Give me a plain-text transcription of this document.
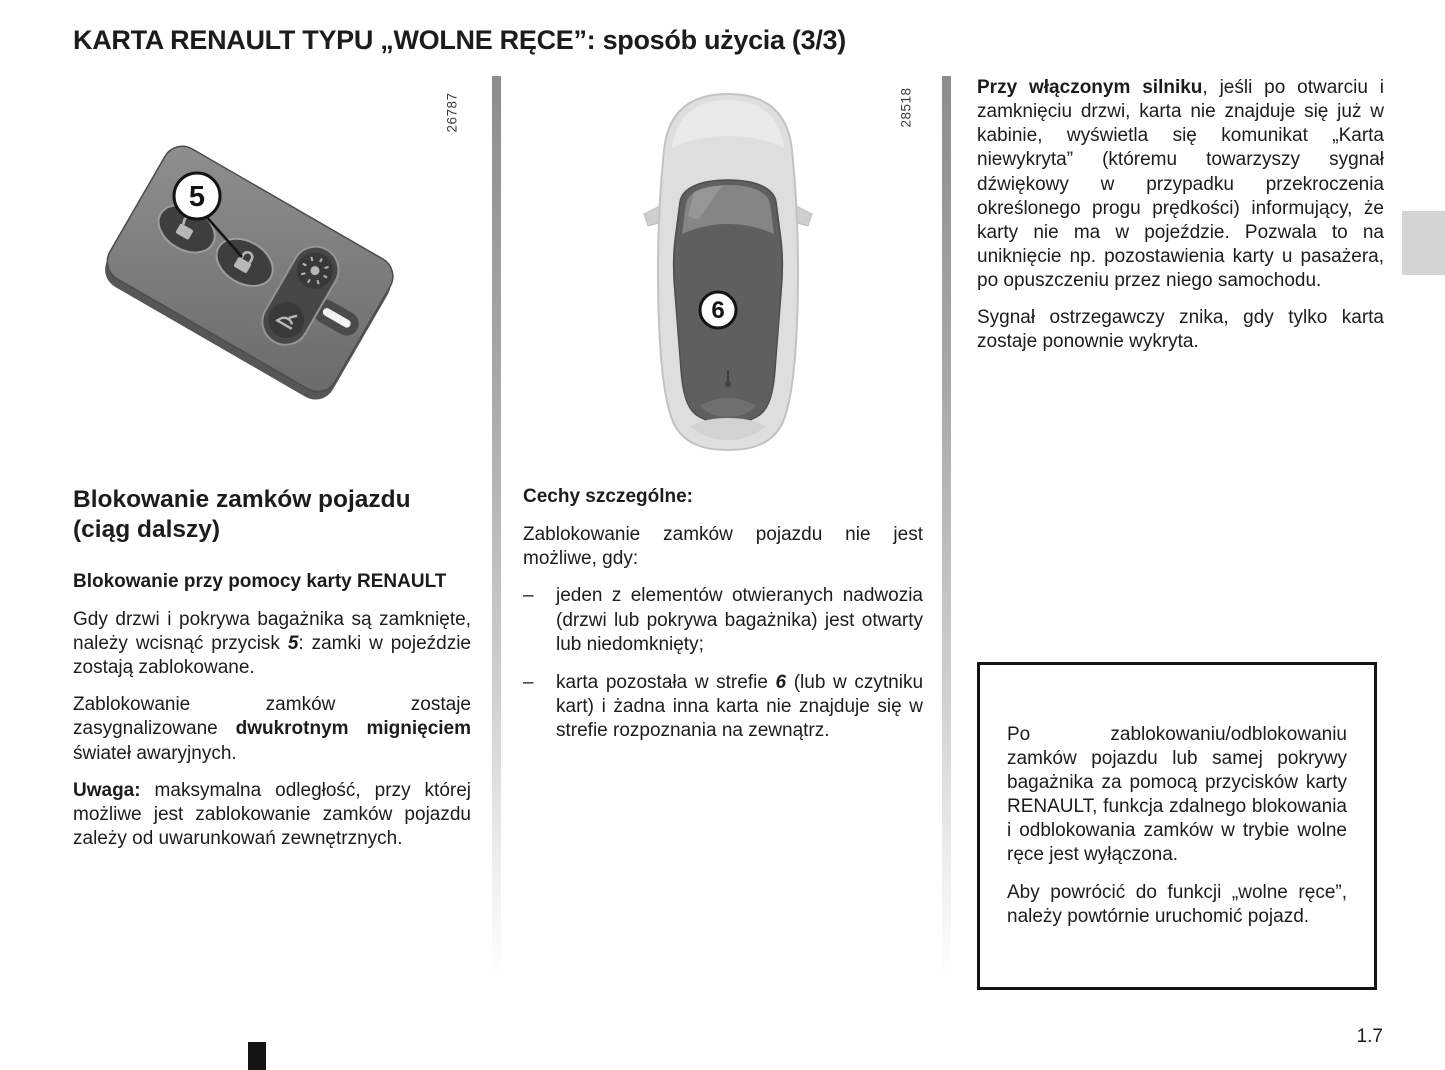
KARTA RENAULT TYPU „WOLNE RĘCE”: sposób użycia (3/3)
5
26787
6
28518
Blokowanie zamków pojazdu (ciąg dalszy)
Blokowanie przy pomocy karty RENAULT

Gdy drzwi i pokrywa bagażnika są zamknięte, należy wcisnąć przycisk 5: zamki w pojeździe zostają zablokowane.

Zablokowanie zamków zostaje zasygnalizowane dwukrotnym mignięciem świateł awaryjnych.

Uwaga: maksymalna odległość, przy której możliwe jest zablokowanie zamków pojazdu zależy od uwarunkowań zewnętrznych.

Cechy szczególne:

Zablokowanie zamków pojazdu nie jest możliwe, gdy:

–	jeden z elementów otwieranych nadwozia (drzwi lub pokrywa bagażnika) jest otwarty lub niedomknięty;
–	karta pozostała w strefie 6 (lub w czytniku kart) i żadna inna karta nie znajduje się w strefie rozpoznania na zewnątrz.

Przy włączonym silniku, jeśli po otwarciu i zamknięciu drzwi, karta nie znajduje się już w kabinie, wyświetla się komunikat „Karta niewykryta” (któremu towarzyszy sygnał dźwiękowy w przypadku przekroczenia określonego progu prędkości) informujący, że karty nie ma w pojeździe. Pozwala to na uniknięcie np. pozostawienia karty u pasażera, po opuszczeniu przez niego samochodu.

Sygnał ostrzegawczy znika, gdy tylko karta zostaje ponownie wykryta.

Po zablokowaniu/odblokowaniu zamków pojazdu lub samej pokrywy bagażnika za pomocą przycisków karty RENAULT, funkcja zdalnego blokowania i odblokowania zamków w trybie wolne ręce jest wyłączona.

Aby powrócić do funkcji „wolne ręce”, należy powtórnie uruchomić pojazd.

1.7
